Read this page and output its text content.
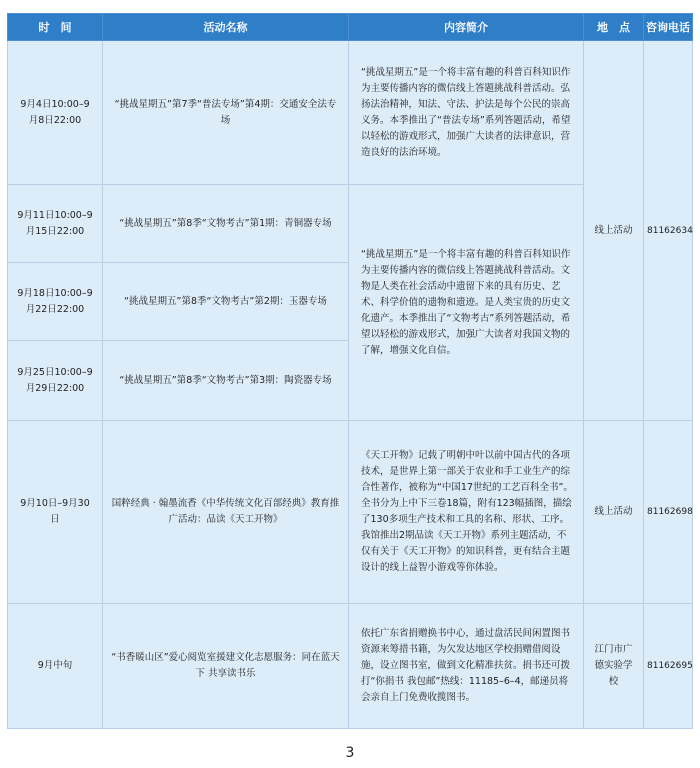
时　间	活动名称	内容简介	地　点	咨询电话
9月4日10:00–9月8日22:00	“挑战星期五”第7季“普法专场”第4期：交通安全法专场	“挑战星期五”是一个将丰富有趣的科普百科知识作为主要传播内容的微信线上答题挑战科普活动。弘扬法治精神，知法、守法、护法是每个公民的崇高义务。本季推出了“普法专场”系列答题活动，希望以轻松的游戏形式，加强广大读者的法律意识，营造良好的法治环境。	线上活动	81162634
9月11日10:00–9月15日22:00	“挑战星期五”第8季“文物考古”第1期：青铜器专场	“挑战星期五”是一个将丰富有趣的科普百科知识作为主要传播内容的微信线上答题挑战科普活动。文物是人类在社会活动中遗留下来的具有历史、艺术、科学价值的遗物和遗迹。是人类宝贵的历史文化遗产。本季推出了“文物考古”系列答题活动，希望以轻松的游戏形式，加强广大读者对我国文物的了解，增强文化自信。		
9月18日10:00–9月22日22:00	“挑战星期五”第8季“文物考古”第2期：玉器专场			
9月25日10:00–9月29日22:00	“挑战星期五”第8季“文物考古”第3期：陶瓷器专场			
9月10日–9月30日	国粹经典 · 翰墨流香《中华传统文化百部经典》教育推广活动：品读《天工开物》	《天工开物》记载了明朝中叶以前中国古代的各项技术，是世界上第一部关于农业和手工业生产的综合性著作，被称为“中国17世纪的工艺百科全书”。全书分为上中下三卷18篇，附有123幅插图，描绘了130多项生产技术和工具的名称、形状、工序。我馆推出2期品读《天工开物》系列主题活动，不仅有关于《天工开物》的知识科普，更有结合主题设计的线上益智小游戏等你体验。	线上活动	81162698
9月中旬	“书香暖山区”爱心阅览室援建文化志愿服务：同在蓝天下 共享读书乐	依托广东省捐赠换书中心，通过盘活民间闲置图书资源来筹措书籍，为欠发达地区学校捐赠借阅设施，设立图书室，做到文化精准扶贫。捐书还可拨打“你捐书 我包邮”热线：11185–6–4，邮递员将会亲自上门免费收揽图书。	江门市广德实验学校	81162695
3
